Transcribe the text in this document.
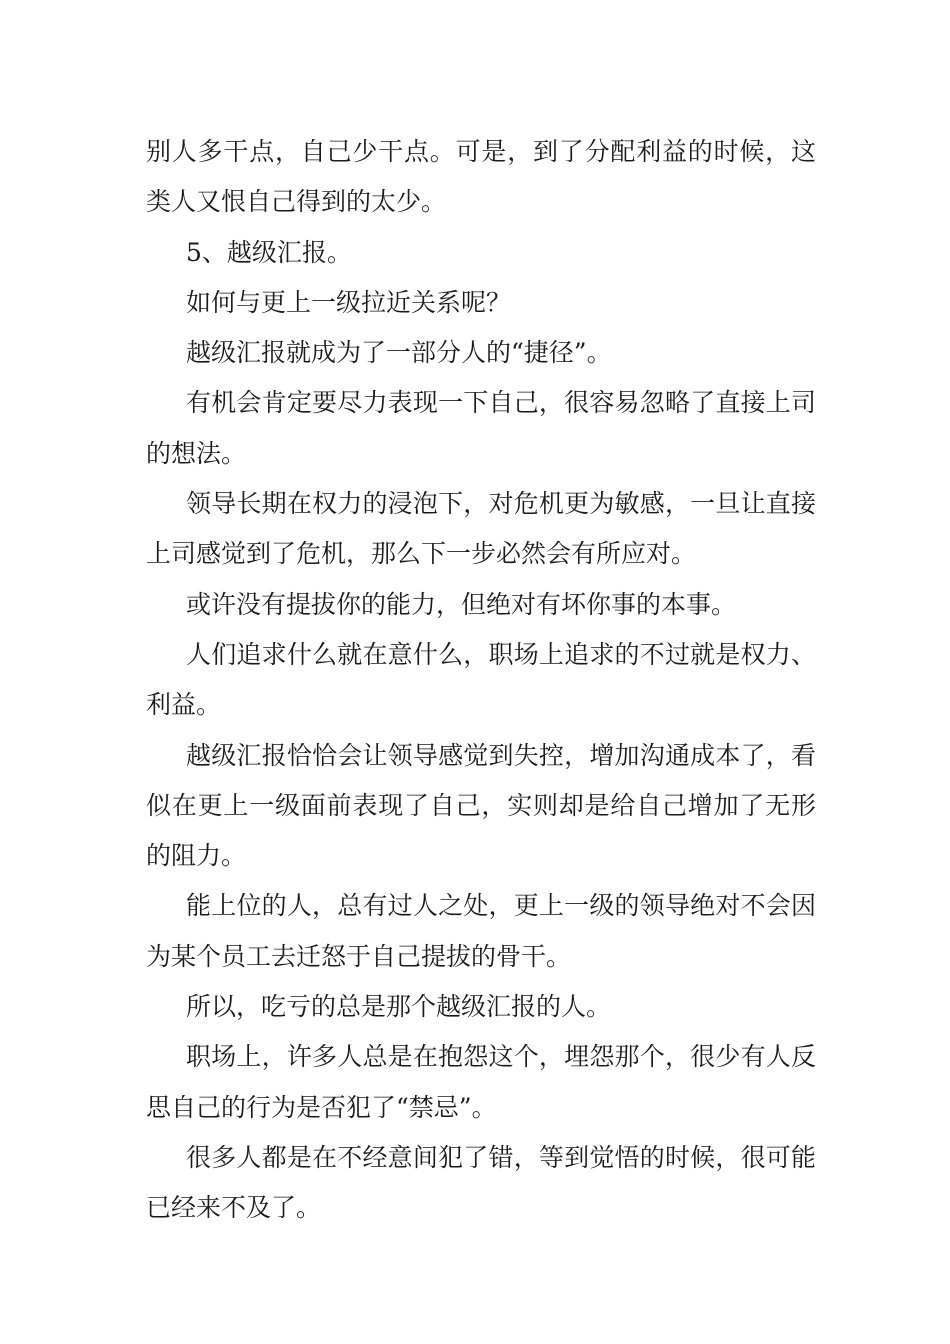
别人多干点，自己少干点。可是，到了分配利益的时候，这类人又恨自己得到的太少。

5、越级汇报。

如何与更上一级拉近关系呢？

越级汇报就成为了一部分人的“捷径”。

有机会肯定要尽力表现一下自己，很容易忽略了直接上司的想法。

领导长期在权力的浸泡下，对危机更为敏感，一旦让直接上司感觉到了危机，那么下一步必然会有所应对。

或许没有提拔你的能力，但绝对有坏你事的本事。

人们追求什么就在意什么，职场上追求的不过就是权力、利益。

越级汇报恰恰会让领导感觉到失控，增加沟通成本了，看似在更上一级面前表现了自己，实则却是给自己增加了无形的阻力。

能上位的人，总有过人之处，更上一级的领导绝对不会因为某个员工去迁怒于自己提拔的骨干。

所以，吃亏的总是那个越级汇报的人。

职场上，许多人总是在抱怨这个，埋怨那个，很少有人反思自己的行为是否犯了“禁忌”。

很多人都是在不经意间犯了错，等到觉悟的时候，很可能已经来不及了。
